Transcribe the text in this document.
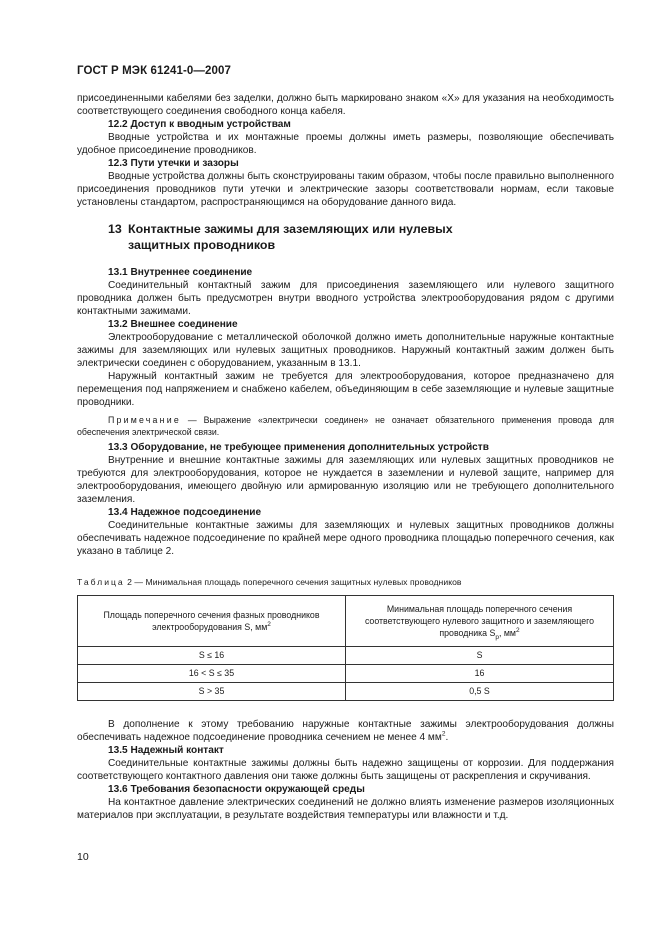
ГОСТ Р МЭК 61241-0—2007

присоединенными кабелями без заделки, должно быть маркировано знаком «X» для указания на необходимость соответствующего соединения свободного конца кабеля.

12.2 Доступ к вводным устройствам

Вводные устройства и их монтажные проемы должны иметь размеры, позволяющие обеспечивать удобное присоединение проводников.

12.3 Пути утечки и зазоры

Вводные устройства должны быть сконструированы таким образом, чтобы после правильно выполненного присоединения проводников пути утечки и электрические зазоры соответствовали нормам, если таковые установлены стандартом, распространяющимся на оборудование данного вида.

13 Контактные зажимы для заземляющих или нулевых
защитных проводников

13.1 Внутреннее соединение

Соединительный контактный зажим для присоединения заземляющего или нулевого защитного проводника должен быть предусмотрен внутри вводного устройства электрооборудования рядом с другими контактными зажимами.

13.2 Внешнее соединение

Электрооборудование с металлической оболочкой должно иметь дополнительные наружные контактные зажимы для заземляющих или нулевых защитных проводников. Наружный контактный зажим должен быть электрически соединен с оборудованием, указанным в 13.1.

Наружный контактный зажим не требуется для электрооборудования, которое предназначено для перемещения под напряжением и снабжено кабелем, объединяющим в себе заземляющие и нулевые защитные проводники.

Примечание — Выражение «электрически соединен» не означает обязательного применения провода для обеспечения электрической связи.

13.3 Оборудование, не требующее применения дополнительных устройств

Внутренние и внешние контактные зажимы для заземляющих или нулевых защитных проводников не требуются для электрооборудования, которое не нуждается в заземлении и нулевой защите, например для электрооборудования, имеющего двойную или армированную изоляцию или не требующего дополнительного заземления.

13.4 Надежное подсоединение

Соединительные контактные зажимы для заземляющих и нулевых защитных проводников должны обеспечивать надежное подсоединение по крайней мере одного проводника площадью поперечного сечения, как указано в таблице 2.

Таблица 2 — Минимальная площадь поперечного сечения защитных нулевых проводников

Площадь поперечного сечения фазных проводников
электрооборудования S, $мм^2$	Минимальная площадь поперечного сечения
соответствующего нулевого защитного и заземляющего
проводника $S_p$, $мм^2$
S ≤ 16	S
16 < S ≤ 35	16
S > 35	0,5 S

В дополнение к этому требованию наружные контактные зажимы электрооборудования должны обеспечивать надежное подсоединение проводника сечением не менее 4 $мм^2$.

13.5 Надежный контакт

Соединительные контактные зажимы должны быть надежно защищены от коррозии. Для поддержания соответствующего контактного давления они также должны быть защищены от раскрепления и скручивания.

13.6 Требования безопасности окружающей среды

На контактное давление электрических соединений не должно влиять изменение размеров изоляционных материалов при эксплуатации, в результате воздействия температуры или влажности и т.д.

10
